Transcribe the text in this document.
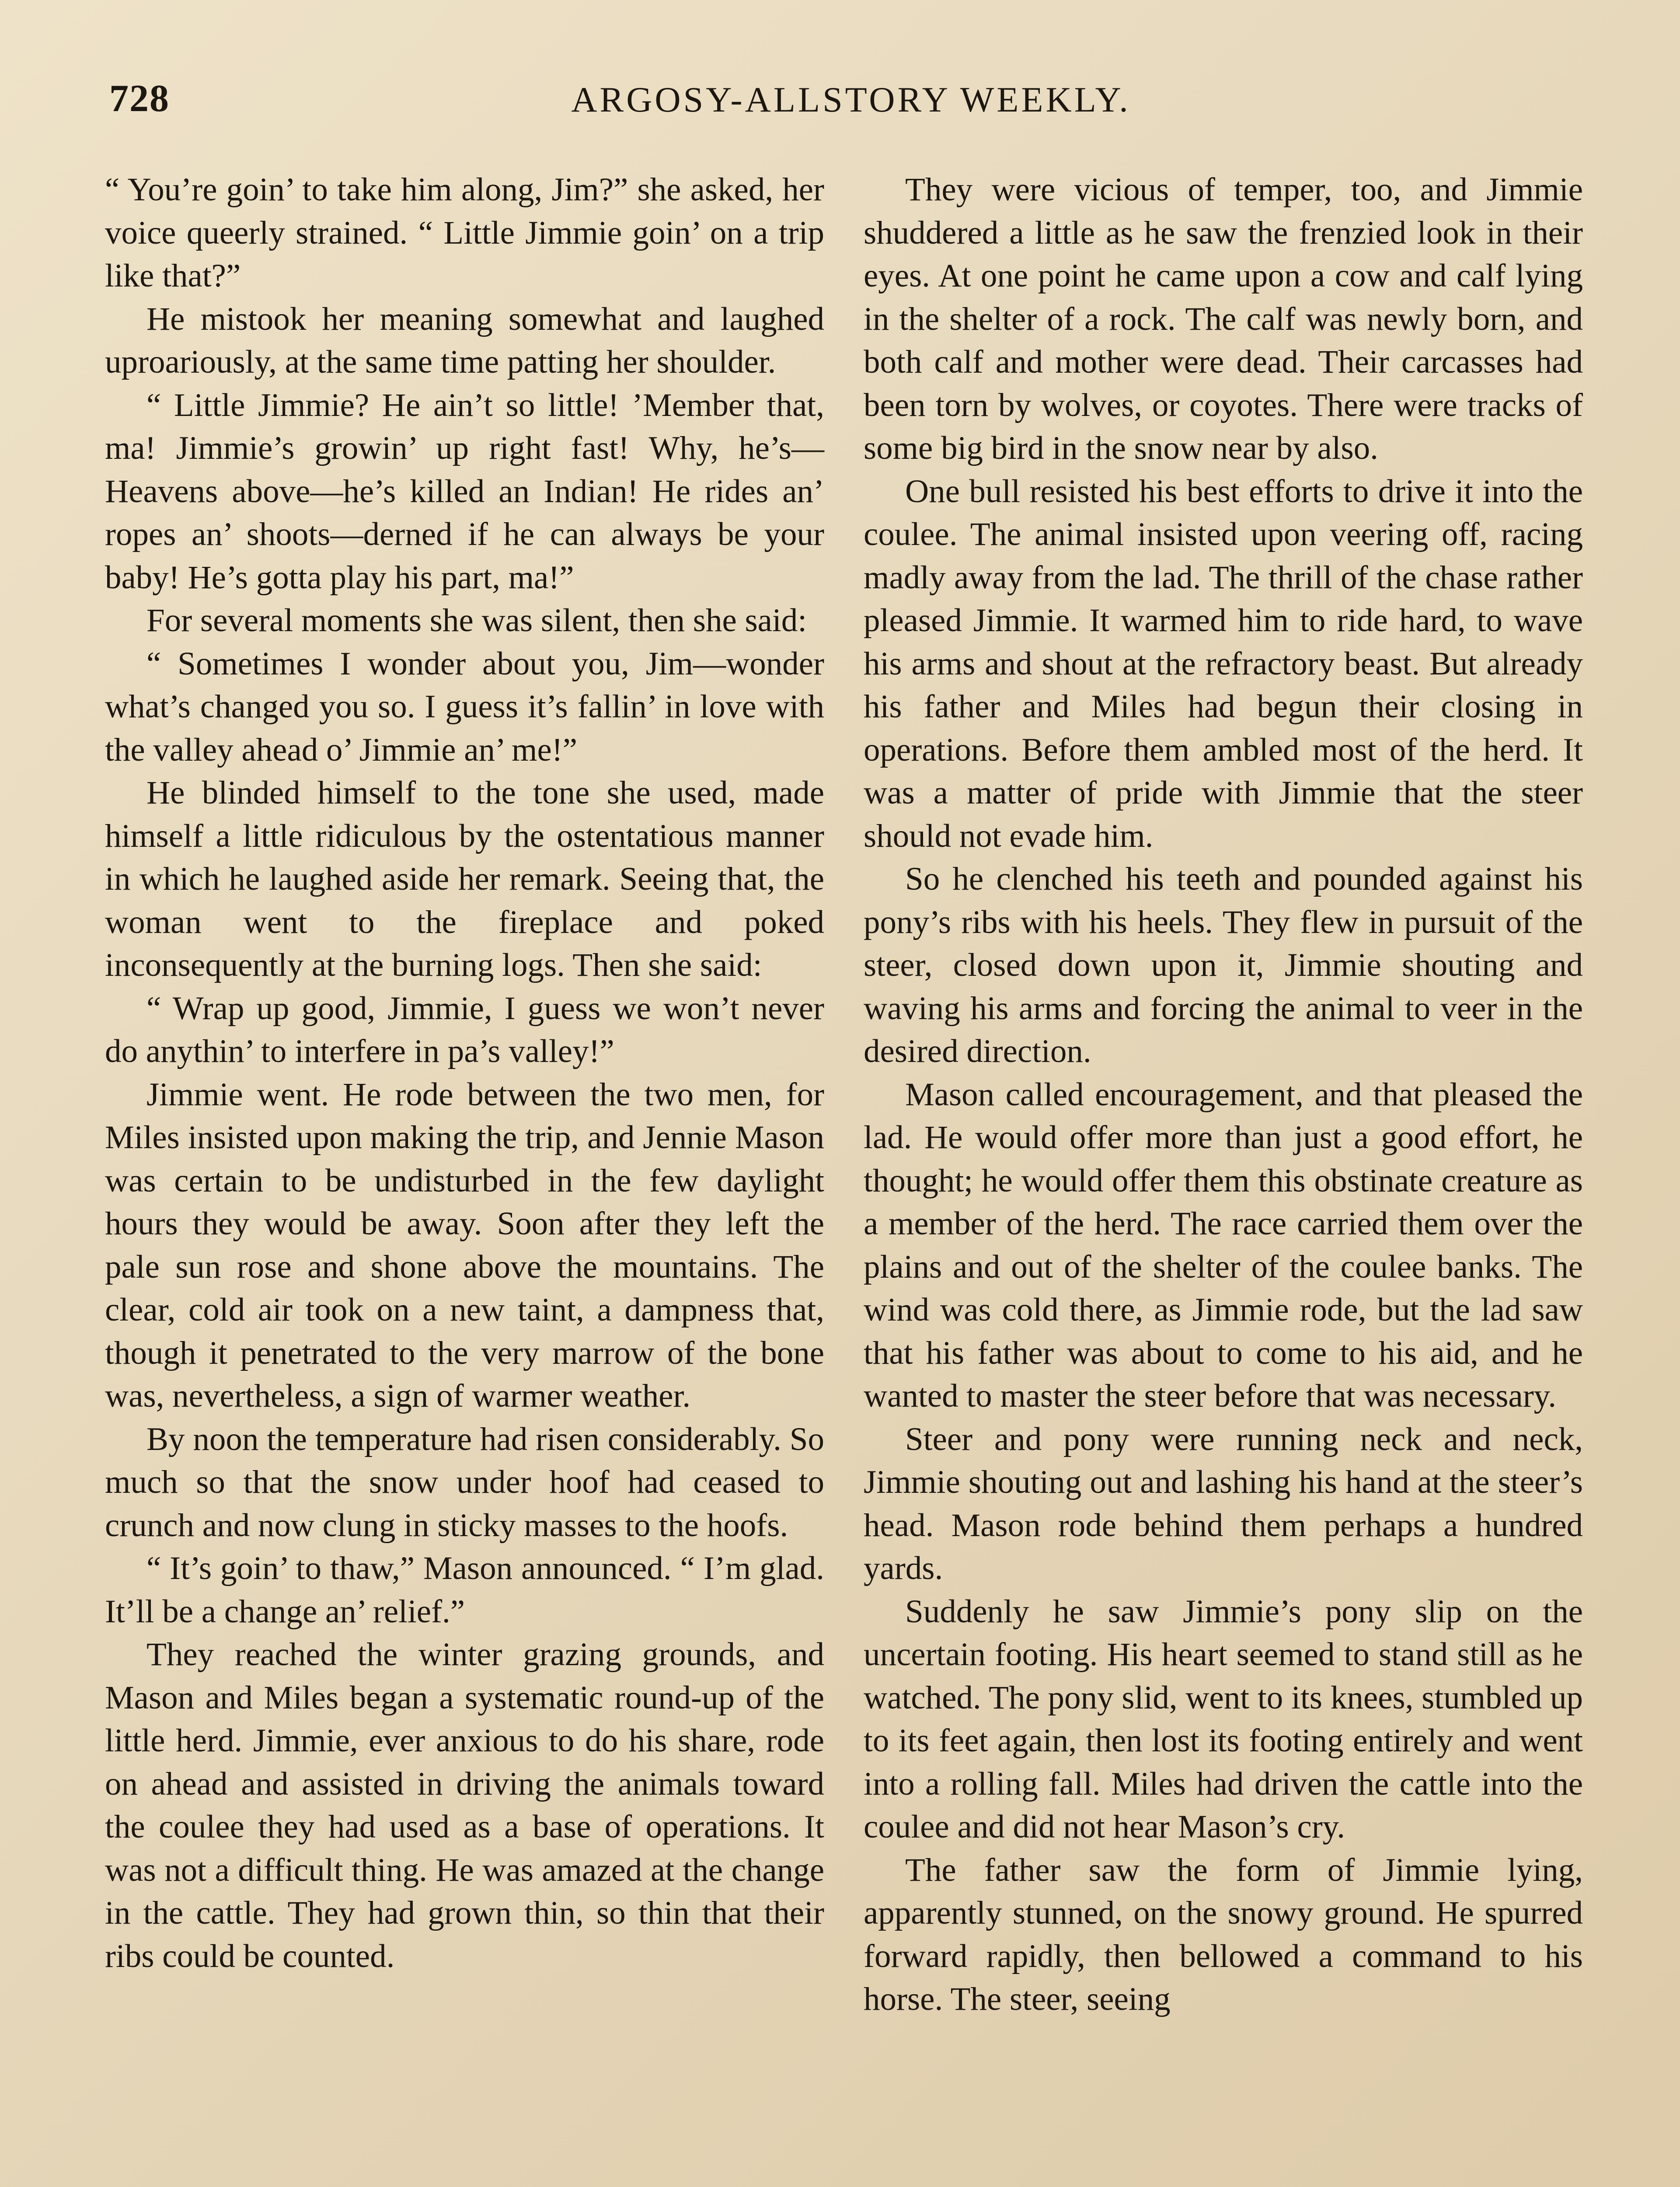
728	ARGOSY-ALLSTORY WEEKLY.

“ You’re goin’ to take him along, Jim?” she asked, her voice queerly strained. “ Little Jimmie goin’ on a trip like that?”

He mistook her meaning somewhat and laughed uproariously, at the same time patting her shoulder.

“ Little Jimmie? He ain’t so little! ’Member that, ma! Jimmie’s growin’ up right fast! Why, he’s—Heavens above—he’s killed an Indian! He rides an’ ropes an’ shoots—derned if he can always be your baby! He’s gotta play his part, ma!”

For several moments she was silent, then she said:

“ Sometimes I wonder about you, Jim—wonder what’s changed you so. I guess it’s fallin’ in love with the valley ahead o’ Jimmie an’ me!”

He blinded himself to the tone she used, made himself a little ridiculous by the ostentatious manner in which he laughed aside her remark. Seeing that, the woman went to the fireplace and poked inconsequently at the burning logs. Then she said:

“ Wrap up good, Jimmie, I guess we won’t never do anythin’ to interfere in pa’s valley!”

Jimmie went. He rode between the two men, for Miles insisted upon making the trip, and Jennie Mason was certain to be undisturbed in the few daylight hours they would be away. Soon after they left the pale sun rose and shone above the mountains. The clear, cold air took on a new taint, a dampness that, though it penetrated to the very marrow of the bone was, nevertheless, a sign of warmer weather.

By noon the temperature had risen considerably. So much so that the snow under hoof had ceased to crunch and now clung in sticky masses to the hoofs.

“ It’s goin’ to thaw,” Mason announced. “ I’m glad. It’ll be a change an’ relief.”

They reached the winter grazing grounds, and Mason and Miles began a systematic round-up of the little herd. Jimmie, ever anxious to do his share, rode on ahead and assisted in driving the animals toward the coulee they had used as a base of operations. It was not a difficult thing. He was amazed at the change in the cattle. They had grown thin, so thin that their ribs could be counted.

They were vicious of temper, too, and Jimmie shuddered a little as he saw the frenzied look in their eyes. At one point he came upon a cow and calf lying in the shelter of a rock. The calf was newly born, and both calf and mother were dead. Their carcasses had been torn by wolves, or coyotes. There were tracks of some big bird in the snow near by also.

One bull resisted his best efforts to drive it into the coulee. The animal insisted upon veering off, racing madly away from the lad. The thrill of the chase rather pleased Jimmie. It warmed him to ride hard, to wave his arms and shout at the refractory beast. But already his father and Miles had begun their closing in operations. Before them ambled most of the herd. It was a matter of pride with Jimmie that the steer should not evade him.

So he clenched his teeth and pounded against his pony’s ribs with his heels. They flew in pursuit of the steer, closed down upon it, Jimmie shouting and waving his arms and forcing the animal to veer in the desired direction.

Mason called encouragement, and that pleased the lad. He would offer more than just a good effort, he thought; he would offer them this obstinate creature as a member of the herd. The race carried them over the plains and out of the shelter of the coulee banks. The wind was cold there, as Jimmie rode, but the lad saw that his father was about to come to his aid, and he wanted to master the steer before that was necessary.

Steer and pony were running neck and neck, Jimmie shouting out and lashing his hand at the steer’s head. Mason rode behind them perhaps a hundred yards.

Suddenly he saw Jimmie’s pony slip on the uncertain footing. His heart seemed to stand still as he watched. The pony slid, went to its knees, stumbled up to its feet again, then lost its footing entirely and went into a rolling fall. Miles had driven the cattle into the coulee and did not hear Mason’s cry.

The father saw the form of Jimmie lying, apparently stunned, on the snowy ground. He spurred forward rapidly, then bellowed a command to his horse. The steer, seeing
